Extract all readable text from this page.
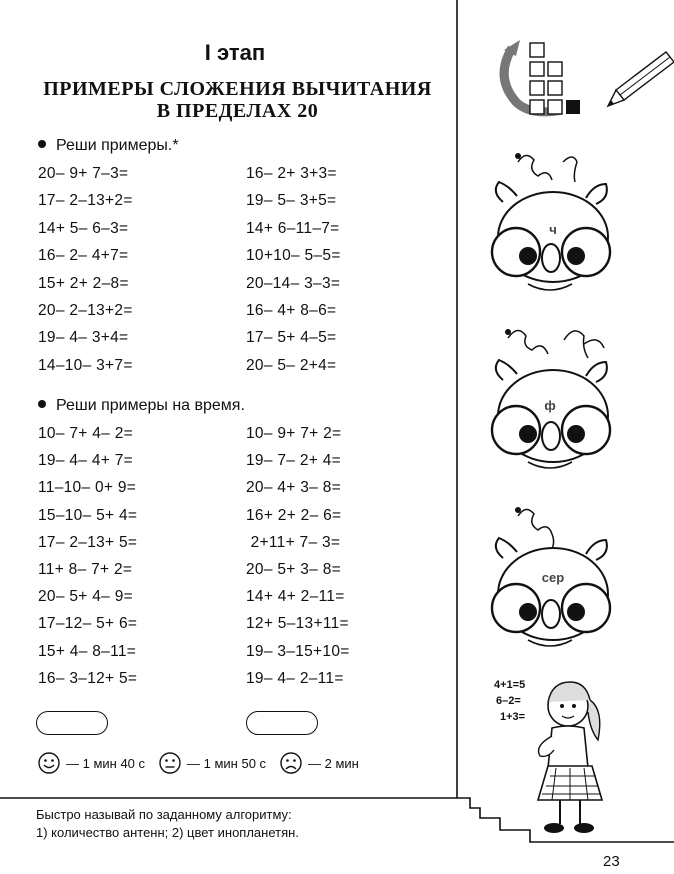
I этап
ПРИМЕРЫ СЛОЖЕНИЯ ВЫЧИТАНИЯ
В ПРЕДЕЛАХ 20
Реши примеры.*
20– 9+ 7–3=
17– 2–13+2=
14+ 5– 6–3=
16– 2– 4+7=
15+ 2+ 2–8=
20– 2–13+2=
19– 4– 3+4=
14–10– 3+7=
16– 2+ 3+3=
19– 5– 3+5=
14+ 6–11–7=
10+10– 5–5=
20–14– 3–3=
16– 4+ 8–6=
17– 5+ 4–5=
20– 5– 2+4=
Реши примеры на время.
10– 7+ 4– 2=
19– 4– 4+ 7=
11–10– 0+ 9=
15–10– 5+ 4=
17– 2–13+ 5=
11+ 8– 7+ 2=
20– 5+ 4– 9=
17–12– 5+ 6=
15+ 4– 8–11=
16– 3–12+ 5=
10– 9+ 7+ 2=
19– 7– 2+ 4=
20– 4+ 3– 8=
16+ 2+ 2– 6=
2+11+ 7– 3=
20– 5+ 3– 8=
14+ 4+ 2–11=
12+ 5–13+11=
19– 3–15+10=
19– 4– 2–11=
— 1 мин 40 с	— 1 мин 50 с	— 2 мин
Быстро называй по заданному алгоритму:
1) количество антенн; 2) цвет инопланетян.
23
ч
ф
сер
4+1=5
6–2=
1+3=
